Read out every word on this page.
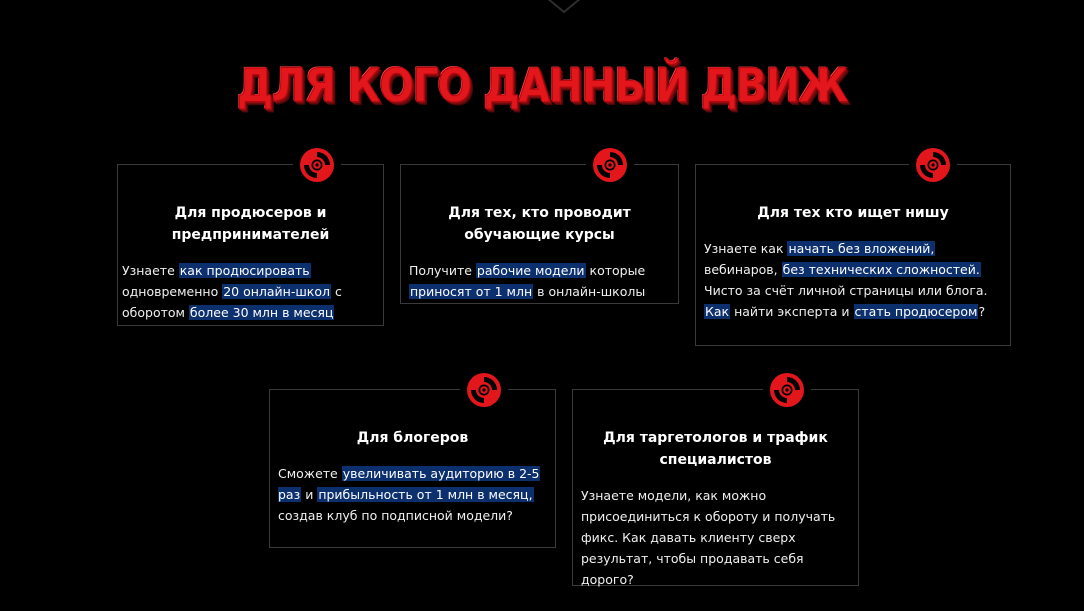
ДЛЯ КОГО ДАННЫЙ ДВИЖ

Для продюсеров и предпринимателей

Узнаете как продюсировать одновременно 20 онлайн-школ с оборотом более 30 млн в месяц

Для тех, кто проводит обучающие курсы

Получите рабочие модели которые приносят от 1 млн в онлайн-школы

Для тех кто ищет нишу

Узнаете как начать без вложений, вебинаров, без технических сложностей. Чисто за счёт личной страницы или блога. Как найти эксперта и стать продюсером?

Для блогеров

Сможете увеличивать аудиторию в 2-5 раз и прибыльность от 1 млн в месяц, создав клуб по подписной модели?

Для таргетологов и трафик специалистов

Узнаете модели, как можно присоединиться к обороту и получать фикс. Как давать клиенту сверх результат, чтобы продавать себя дорого?
